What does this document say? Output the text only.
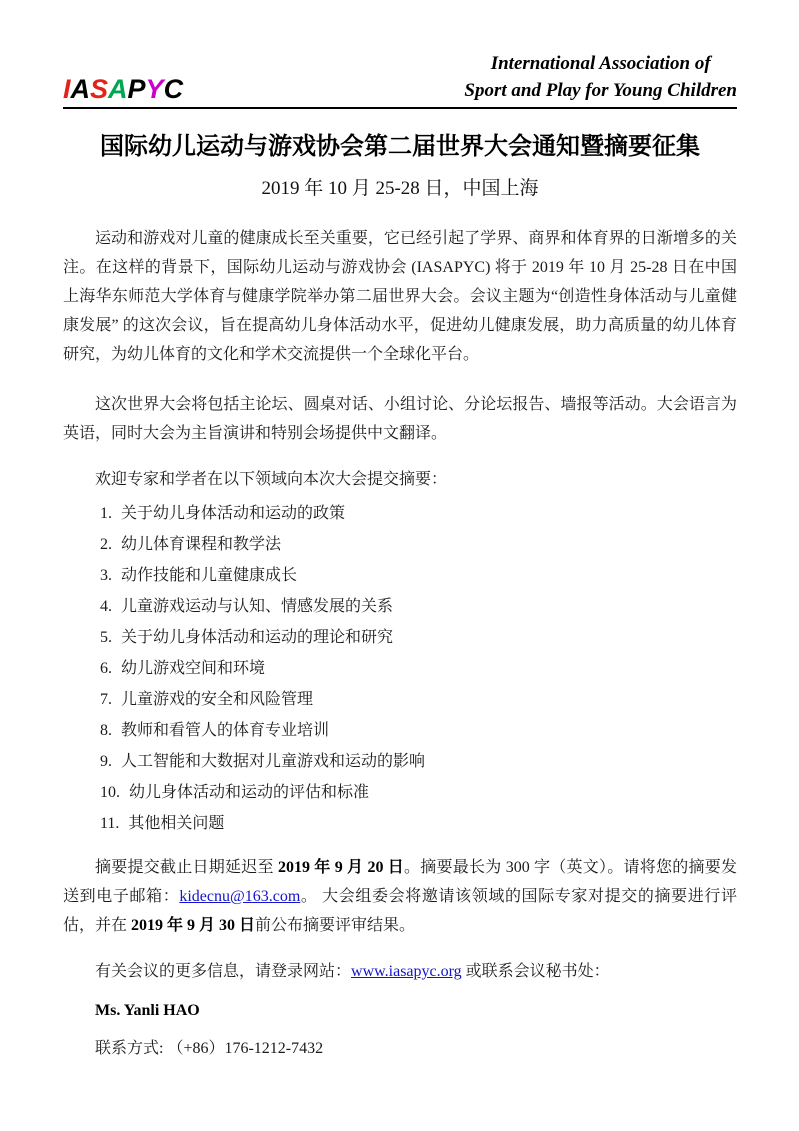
IASAPYC
International Association of
Sport and Play for Young Children
国际幼儿运动与游戏协会第二届世界大会通知暨摘要征集
2019 年 10 月 25-28 日，中国上海
运动和游戏对儿童的健康成长至关重要，它已经引起了学界、商界和体育界的日渐增多的关注。在这样的背景下，国际幼儿运动与游戏协会 (IASAPYC) 将于 2019 年 10 月 25-28 日在中国上海华东师范大学体育与健康学院举办第二届世界大会。会议主题为“创造性身体活动与儿童健康发展” 的这次会议，旨在提高幼儿身体活动水平，促进幼儿健康发展，助力高质量的幼儿体育研究，为幼儿体育的文化和学术交流提供一个全球化平台。
这次世界大会将包括主论坛、圆桌对话、小组讨论、分论坛报告、墙报等活动。大会语言为英语，同时大会为主旨演讲和特别会场提供中文翻译。
欢迎专家和学者在以下领域向本次大会提交摘要：
1. 关于幼儿身体活动和运动的政策
2. 幼儿体育课程和教学法
3. 动作技能和儿童健康成长
4. 儿童游戏运动与认知、情感发展的关系
5. 关于幼儿身体活动和运动的理论和研究
6. 幼儿游戏空间和环境
7. 儿童游戏的安全和风险管理
8. 教师和看管人的体育专业培训
9. 人工智能和大数据对儿童游戏和运动的影响
10. 幼儿身体活动和运动的评估和标准
11. 其他相关问题
摘要提交截止日期延迟至 2019 年 9 月 20 日。摘要最长为 300 字（英文）。请将您的摘要发送到电子邮箱：kidecnu@163.com。 大会组委会将邀请该领域的国际专家对提交的摘要进行评估，并在 2019 年 9 月 30 日前公布摘要评审结果。
有关会议的更多信息，请登录网站：www.iasapyc.org 或联系会议秘书处：
Ms. Yanli HAO
联系方式: （+86）176-1212-7432
